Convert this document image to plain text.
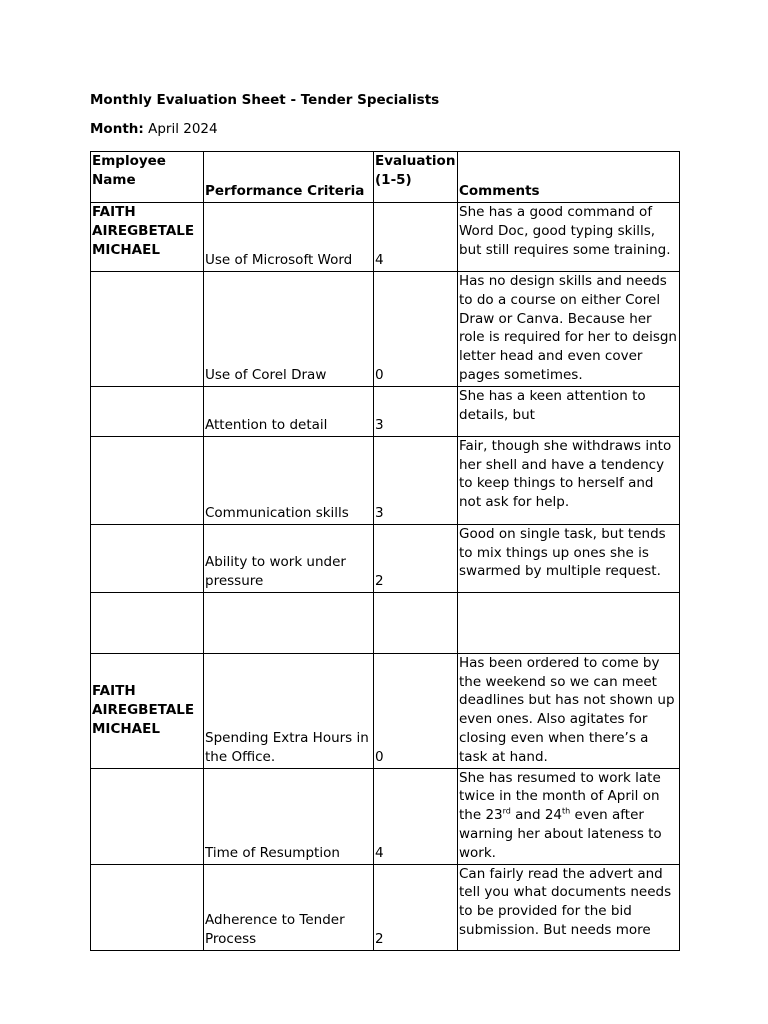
Monthly Evaluation Sheet - Tender Specialists
Month: April 2024
Employee Name	Performance Criteria	Evaluation (1-5)	Comments
FAITH AIREGBETALE MICHAEL	Use of Microsoft Word	4	She has a good command of Word Doc, good typing skills, but still requires some training.
	Use of Corel Draw	0	Has no design skills and needs to do a course on either Corel Draw or Canva. Because her role is required for her to deisgn letter head and even cover pages sometimes.
	Attention to detail	3	She has a keen attention to details, but
	Communication skills	3	Fair, though she withdraws into her shell and have a tendency to keep things to herself and not ask for help.
	Ability to work under pressure	2	Good on single task, but tends to mix things up ones she is swarmed by multiple request.

FAITH AIREGBETALE MICHAEL	Spending Extra Hours in the Office.	0	Has been ordered to come by the weekend so we can meet deadlines but has not shown up even ones. Also agitates for closing even when there’s a task at hand.
	Time of Resumption	4	She has resumed to work late twice in the month of April on the 23rd and 24th even after warning her about lateness to work.
	Adherence to Tender Process	2	Can fairly read the advert and tell you what documents needs to be provided for the bid submission. But needs more
